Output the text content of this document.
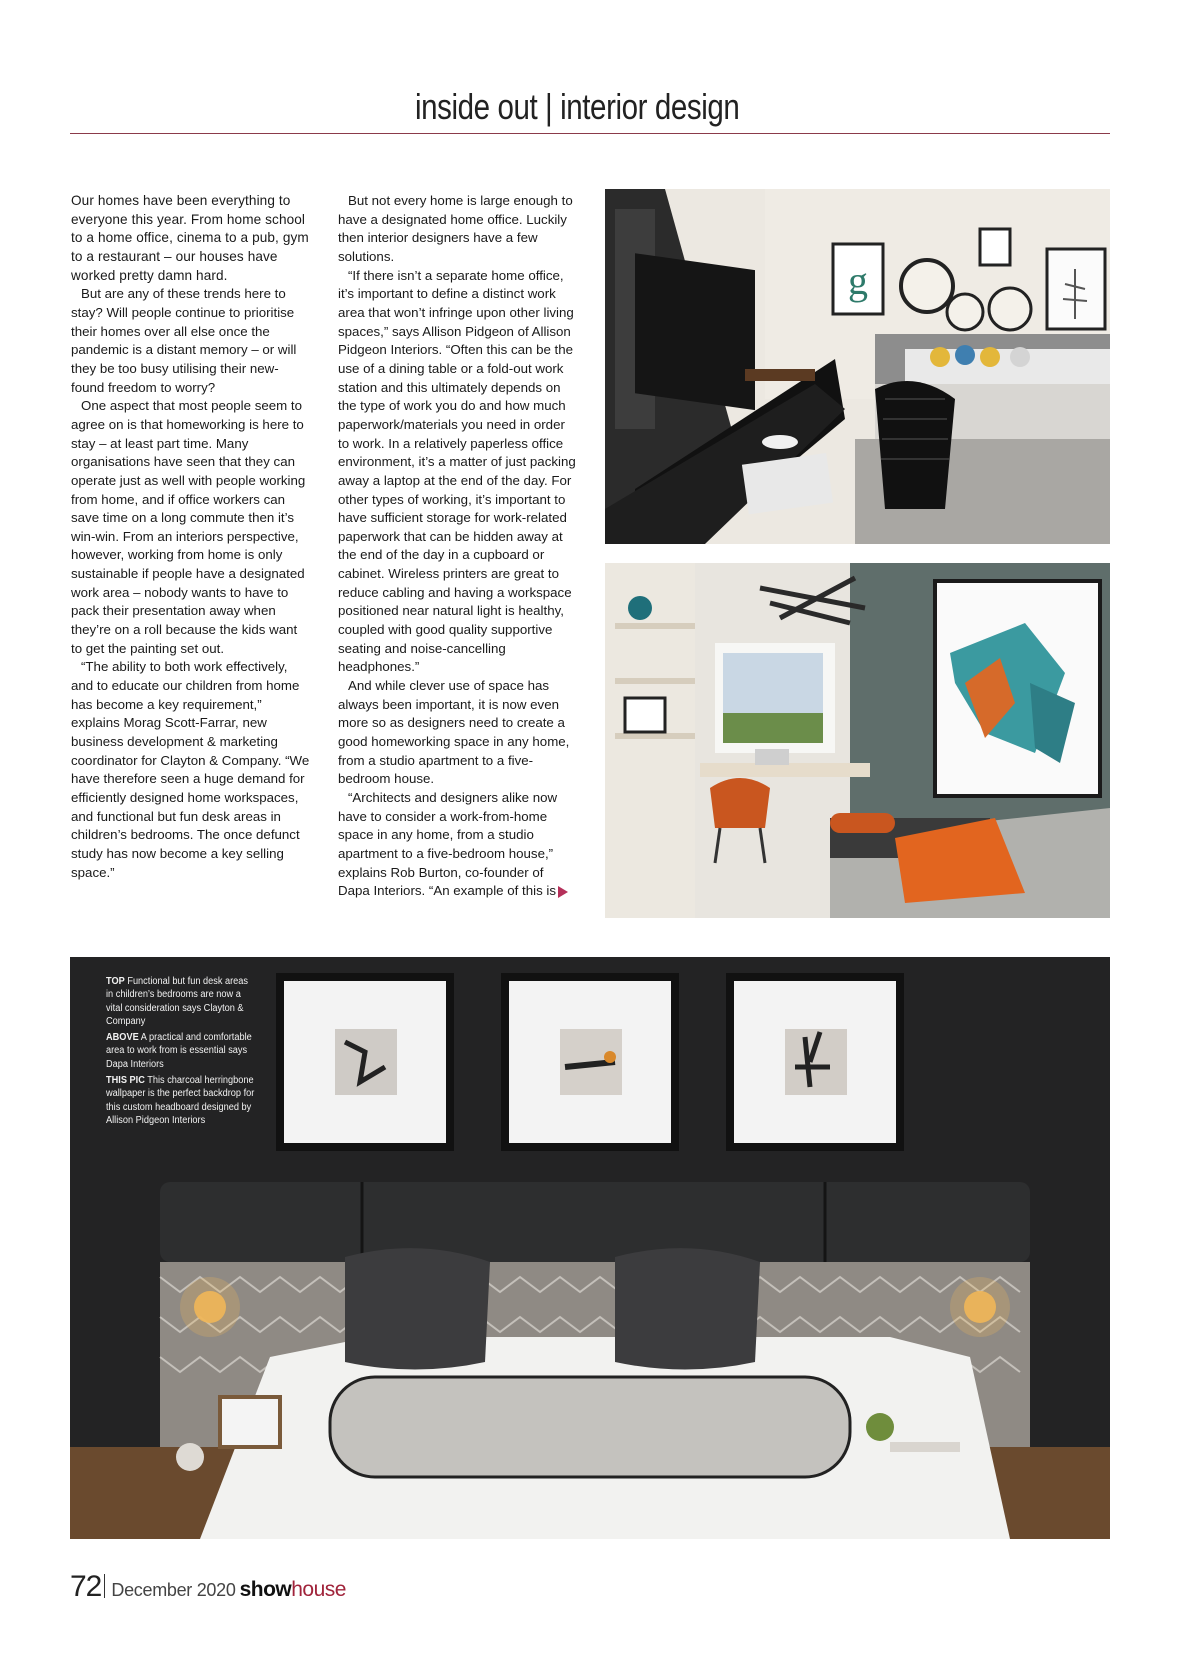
inside out | interior design

Our homes have been everything to everyone this year. From home school to a home office, cinema to a pub, gym to a restaurant – our houses have worked pretty damn hard.

But are any of these trends here to stay? Will people continue to prioritise their homes over all else once the pandemic is a distant memory – or will they be too busy utilising their new-found freedom to worry?

One aspect that most people seem to agree on is that homeworking is here to stay – at least part time. Many organisations have seen that they can operate just as well with people working from home, and if office workers can save time on a long commute then it’s win-win. From an interiors perspective, however, working from home is only sustainable if people have a designated work area – nobody wants to have to pack their presentation away when they’re on a roll because the kids want to get the painting set out.

“The ability to both work effectively, and to educate our children from home has become a key requirement,” explains Morag Scott-Farrar, new business development & marketing coordinator for Clayton & Company. “We have therefore seen a huge demand for efficiently designed home workspaces, and functional but fun desk areas in children’s bedrooms. The once defunct study has now become a key selling space.”

But not every home is large enough to have a designated home office. Luckily then interior designers have a few solutions.

“If there isn’t a separate home office, it’s important to define a distinct work area that won’t infringe upon other living spaces,” says Allison Pidgeon of Allison Pidgeon Interiors. “Often this can be the use of a dining table or a fold-out work station and this ultimately depends on the type of work you do and how much paperwork/materials you need in order to work. In a relatively paperless office environment, it’s a matter of just packing away a laptop at the end of the day. For other types of working, it’s important to have sufficient storage for work-related paperwork that can be hidden away at the end of the day in a cupboard or cabinet. Wireless printers are great to reduce cabling and having a workspace positioned near natural light is healthy, coupled with good quality supportive seating and noise-cancelling headphones.”

And while clever use of space has always been important, it is now even more so as designers need to create a good homeworking space in any home, from a studio apartment to a five-bedroom house.

“Architects and designers alike now have to consider a work-from-home space in any home, from a studio apartment to a five-bedroom house,” explains Rob Burton, co-founder of Dapa Interiors. “An example of this is

g

TOP Functional but fun desk areas in children’s bedrooms are now a vital consideration says Clayton & Company

ABOVE A practical and comfortable area to work from is essential says Dapa Interiors

THIS PIC This charcoal herringbone wallpaper is the perfect backdrop for this custom headboard designed by Allison Pidgeon Interiors

72 December 2020 showhouse
